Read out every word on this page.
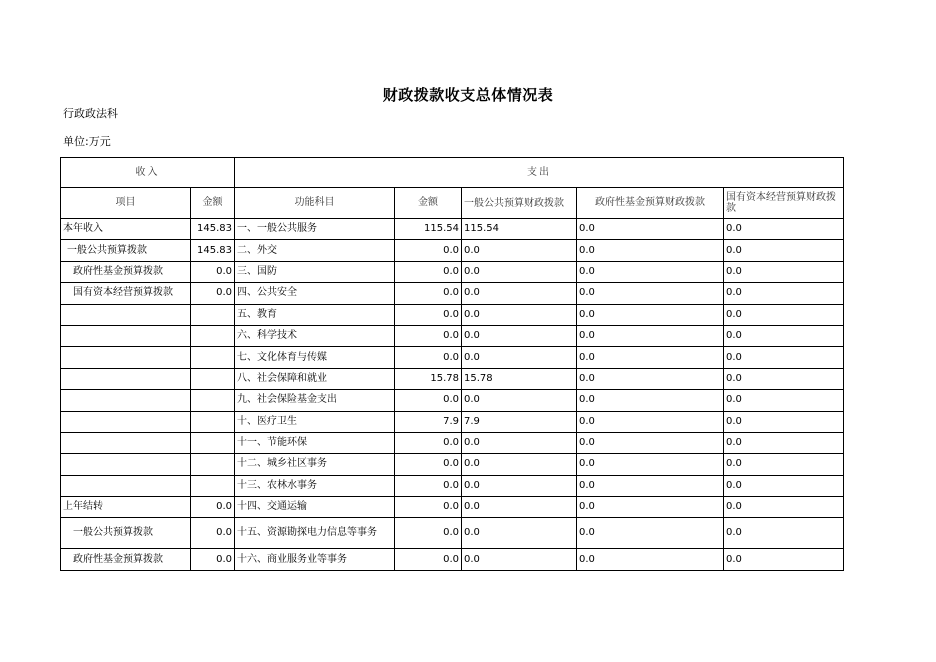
财政拨款收支总体情况表
行政政法科
单位:万元
收入		支出				
项目	金额	功能科目	金额	一般公共预算财政拨款	政府性基金预算财政拨款	国有资本经营预算财政拨款
本年收入	145.83	一、一般公共服务	115.54	115.54	0.0	0.0
一般公共预算拨款	145.83	二、外交	0.0	0.0	0.0	0.0
政府性基金预算拨款	0.0	三、国防	0.0	0.0	0.0	0.0
国有资本经营预算拨款	0.0	四、公共安全	0.0	0.0	0.0	0.0
		五、教育	0.0	0.0	0.0	0.0
		六、科学技术	0.0	0.0	0.0	0.0
		七、文化体育与传媒	0.0	0.0	0.0	0.0
		八、社会保障和就业	15.78	15.78	0.0	0.0
		九、社会保险基金支出	0.0	0.0	0.0	0.0
		十、医疗卫生	7.9	7.9	0.0	0.0
		十一、节能环保	0.0	0.0	0.0	0.0
		十二、城乡社区事务	0.0	0.0	0.0	0.0
		十三、农林水事务	0.0	0.0	0.0	0.0
上年结转	0.0	十四、交通运输	0.0	0.0	0.0	0.0
一般公共预算拨款	0.0	十五、资源勘探电力信息等事务	0.0	0.0	0.0	0.0
政府性基金预算拨款	0.0	十六、商业服务业等事务	0.0	0.0	0.0	0.0
